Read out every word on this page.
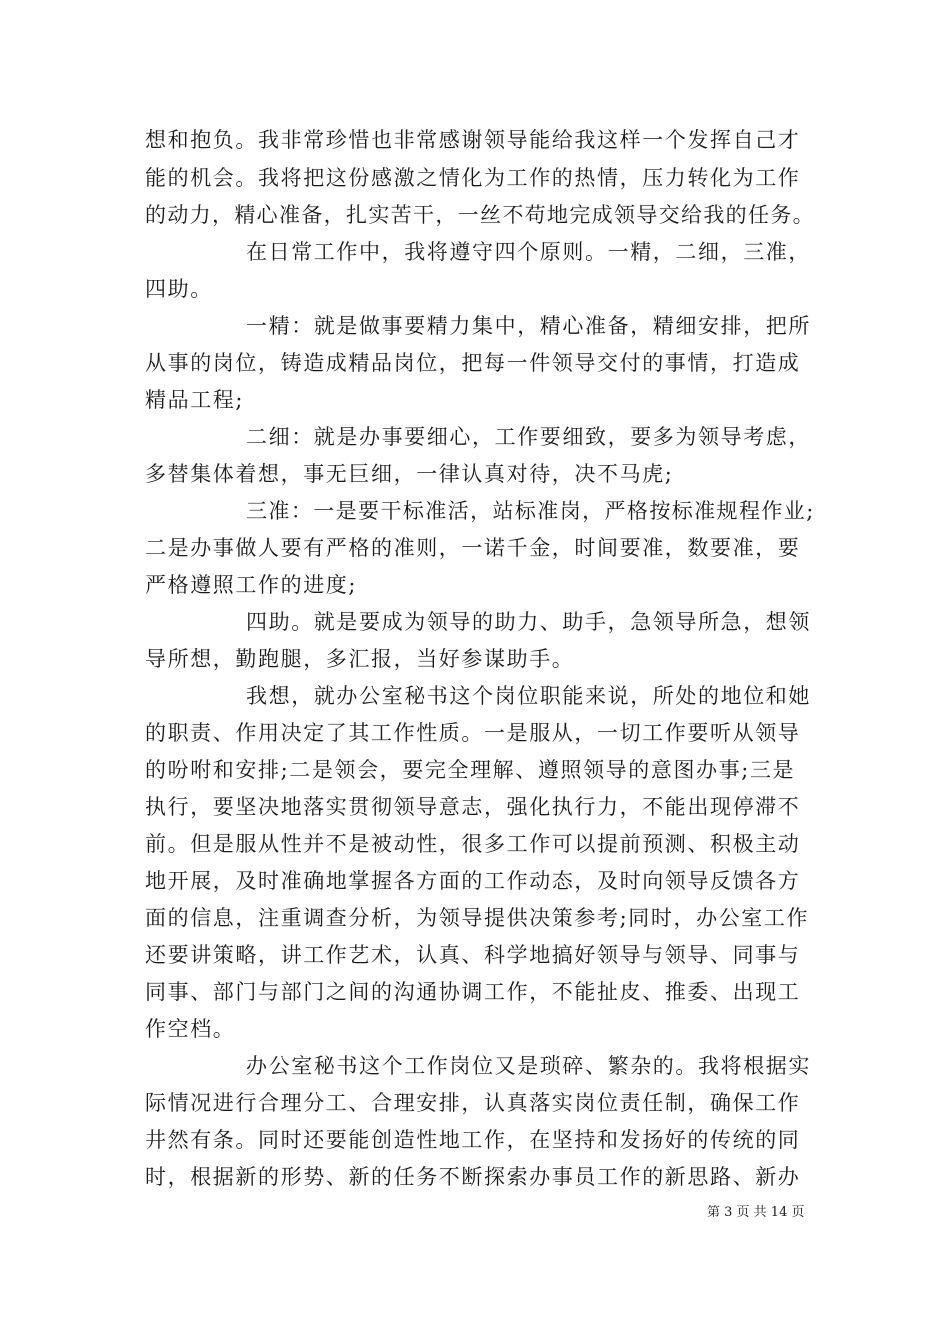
想和抱负。我非常珍惜也非常感谢领导能给我这样一个发挥自己才
能的机会。我将把这份感激之情化为工作的热情，压力转化为工作
的动力，精心准备，扎实苦干，一丝不苟地完成领导交给我的任务。
在日常工作中，我将遵守四个原则。一精，二细，三准，
四助。
一精：就是做事要精力集中，精心准备，精细安排，把所
从事的岗位，铸造成精品岗位，把每一件领导交付的事情，打造成
精品工程;
二细：就是办事要细心，工作要细致，要多为领导考虑，
多替集体着想，事无巨细，一律认真对待，决不马虎;
三准：一是要干标准活，站标准岗，严格按标准规程作业;
二是办事做人要有严格的准则，一诺千金，时间要准，数要准，要
严格遵照工作的进度;
四助。就是要成为领导的助力、助手，急领导所急，想领
导所想，勤跑腿，多汇报，当好参谋助手。
我想，就办公室秘书这个岗位职能来说，所处的地位和她
的职责、作用决定了其工作性质。一是服从，一切工作要听从领导
的吩咐和安排;二是领会，要完全理解、遵照领导的意图办事;三是
执行，要坚决地落实贯彻领导意志，强化执行力，不能出现停滞不
前。但是服从性并不是被动性，很多工作可以提前预测、积极主动
地开展，及时准确地掌握各方面的工作动态，及时向领导反馈各方
面的信息，注重调查分析，为领导提供决策参考;同时，办公室工作
还要讲策略，讲工作艺术，认真、科学地搞好领导与领导、同事与
同事、部门与部门之间的沟通协调工作，不能扯皮、推委、出现工
作空档。
办公室秘书这个工作岗位又是琐碎、繁杂的。我将根据实
际情况进行合理分工、合理安排，认真落实岗位责任制，确保工作
井然有条。同时还要能创造性地工作，在坚持和发扬好的传统的同
时，根据新的形势、新的任务不断探索办事员工作的新思路、新办
第 3 页 共 14 页
